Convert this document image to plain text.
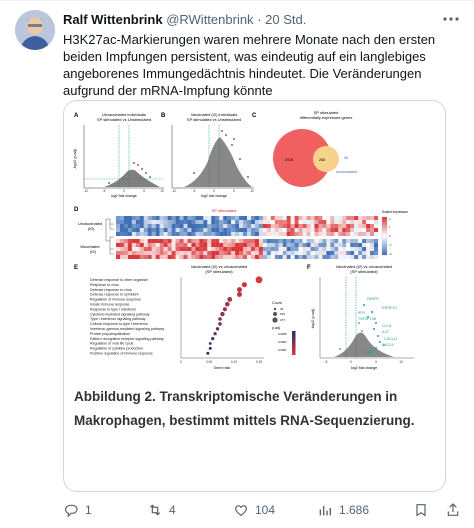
Ralf Wittenbrink @RWittenbrink · 20 Std.
H3K27ac-Markierungen waren mehrere Monate nach den ersten beiden Impfungen persistent, was eindeutig auf ein langlebiges angeborenes Immungedächtnis hindeutet. Die Veränderungen aufgrund der mRNA-Impfung könnte
A	Unvaccinated individuals
SP stimulated vs Unstimulated
-log10 (p-adj)
log2 fold change
-10	-5	0	5	10
B	Vaccinated (t2) individuals
SP stimulated vs Unstimulated
log2 fold change
-10	-5	0	5	10
C
SP stimulated
differentially expressed genes
2018	268	58
unvaccinated
D	SP stimulated
Unvaccinated
(t0)
Vaccinated
(t2)
Scaled expression
2
1
0
-1
-2
E	Vaccinated (t2) vs unvaccinated
(SP stimulated)
Defense response to other organism
Response to virus
Defense response to virus
Defense response to symbiont
Regulation of immune response
Innate immune response
Response to type I interferon
Cytokine-mediated signaling pathway
Type I interferon signaling pathway
Cellular response to type I interferon
Interferon-gamma-mediated signaling pathway
Protein polyubiquitination
Pattern recognition receptor signaling pathway
Regulation of viral life cycle
Regulation of cytokine production
Positive regulation of immune response
0	0.05	0.10	0.15
Gene ratio
Count
40
152
277
p.adj
0.0005
0.0002
0.0001
F	Vaccinated (t2) vs unvaccinated
(SP stimulated)
-log10 (p-adj)
PARP9
TNFSF10
IRF1
TNFSF13B
CCL8
IL27
CXCL11
CXCL9
IL18BP
-5	0	5	10
log2 fold change
Abbildung 2. Transkriptomische Veränderungen in Makrophagen, bestimmt mittels RNA-Sequenzierung.
1	4	104	1.686
